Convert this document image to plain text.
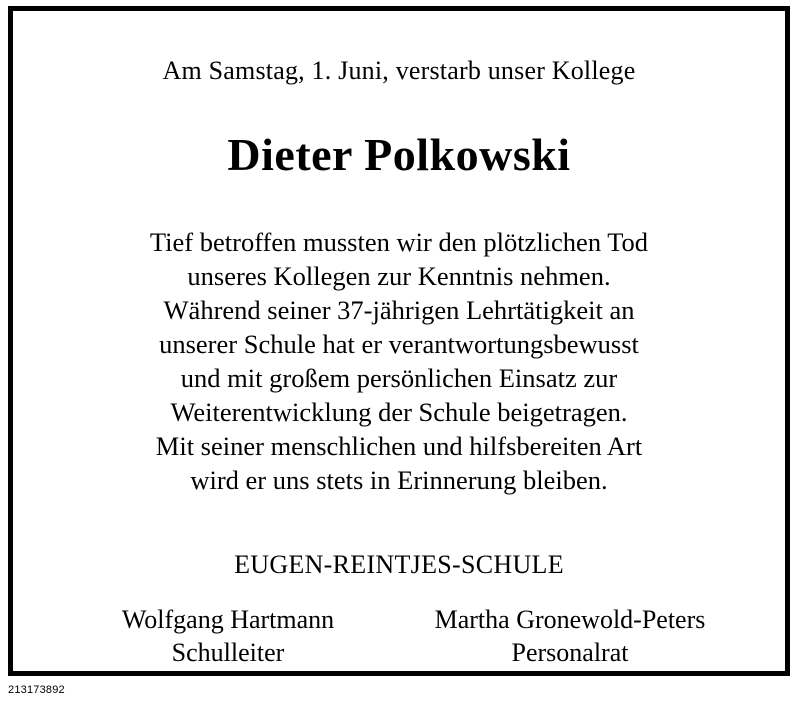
Am Samstag, 1. Juni, verstarb unser Kollege

Dieter Polkowski
Tief betroffen mussten wir den plötzlichen Tod
unseres Kollegen zur Kenntnis nehmen.
Während seiner 37-jährigen Lehrtätigkeit an
unserer Schule hat er verantwortungsbewusst
und mit großem persönlichen Einsatz zur
Weiterentwicklung der Schule beigetragen.
Mit seiner menschlichen und hilfsbereiten Art
wird er uns stets in Erinnerung bleiben.

EUGEN-REINTJES-SCHULE

Wolfgang Hartmann
Schulleiter
Martha Gronewold-Peters
Personalrat
213173892
